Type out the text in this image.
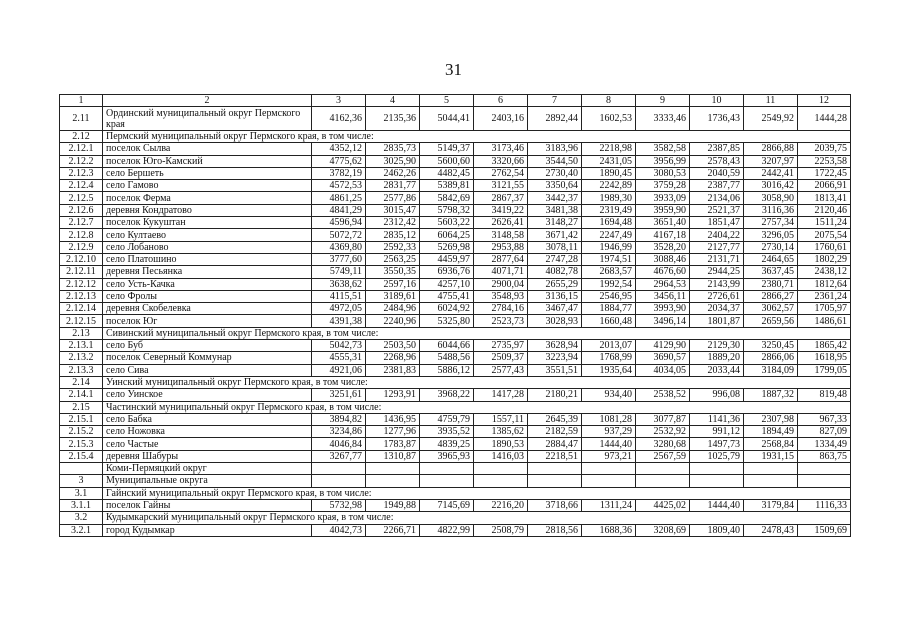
31
1	2	3	4	5	6	7	8	9	10	11	12
2.11	Ординский муниципальный округ Пермского края	4162,36	2135,36	5044,41	2403,16	2892,44	1602,53	3333,46	1736,43	2549,92	1444,28
2.12	Пермский муниципальный округ Пермского края, в том числе:										
2.12.1	поселок Сылва	4352,12	2835,73	5149,37	3173,46	3183,96	2218,98	3582,58	2387,85	2866,88	2039,75
2.12.2	поселок Юго-Камский	4775,62	3025,90	5600,60	3320,66	3544,50	2431,05	3956,99	2578,43	3207,97	2253,58
2.12.3	село Бершеть	3782,19	2462,26	4482,45	2762,54	2730,40	1890,45	3080,53	2040,59	2442,41	1722,45
2.12.4	село Гамово	4572,53	2831,77	5389,81	3121,55	3350,64	2242,89	3759,28	2387,77	3016,42	2066,91
2.12.5	поселок Ферма	4861,25	2577,86	5842,69	2867,37	3442,37	1989,30	3933,09	2134,06	3058,90	1813,41
2.12.6	деревня Кондратово	4841,29	3015,47	5798,32	3419,22	3481,38	2319,49	3959,90	2521,37	3116,36	2120,46
2.12.7	поселок Кукуштан	4596,94	2312,42	5603,22	2626,41	3148,27	1694,48	3651,40	1851,47	2757,34	1511,24
2.12.8	село Култаево	5072,72	2835,12	6064,25	3148,58	3671,42	2247,49	4167,18	2404,22	3296,05	2075,54
2.12.9	село Лобаново	4369,80	2592,33	5269,98	2953,88	3078,11	1946,99	3528,20	2127,77	2730,14	1760,61
2.12.10	село Платошино	3777,60	2563,25	4459,97	2877,64	2747,28	1974,51	3088,46	2131,71	2464,65	1802,29
2.12.11	деревня Песьянка	5749,11	3550,35	6936,76	4071,71	4082,78	2683,57	4676,60	2944,25	3637,45	2438,12
2.12.12	село Усть-Качка	3638,62	2597,16	4257,10	2900,04	2655,29	1992,54	2964,53	2143,99	2380,71	1812,64
2.12.13	село Фролы	4115,51	3189,61	4755,41	3548,93	3136,15	2546,95	3456,11	2726,61	2866,27	2361,24
2.12.14	деревня Скобелевка	4972,05	2484,96	6024,92	2784,16	3467,47	1884,77	3993,90	2034,37	3062,57	1705,97
2.12.15	поселок Юг	4391,38	2240,96	5325,80	2523,73	3028,93	1660,48	3496,14	1801,87	2659,56	1486,61
2.13	Сивинский муниципальный округ Пермского края, в том числе:										
2.13.1	село Буб	5042,73	2503,50	6044,66	2735,97	3628,94	2013,07	4129,90	2129,30	3250,45	1865,42
2.13.2	поселок Северный Коммунар	4555,31	2268,96	5488,56	2509,37	3223,94	1768,99	3690,57	1889,20	2866,06	1618,95
2.13.3	село Сива	4921,06	2381,83	5886,12	2577,43	3551,51	1935,64	4034,05	2033,44	3184,09	1799,05
2.14	Уинский муниципальный округ Пермского края, в том числе:										
2.14.1	село Уинское	3251,61	1293,91	3968,22	1417,28	2180,21	934,40	2538,52	996,08	1887,32	819,48
2.15	Частинский муниципальный округ Пермского края, в том числе:										
2.15.1	село Бабка	3894,82	1436,95	4759,79	1557,11	2645,39	1081,28	3077,87	1141,36	2307,98	967,33
2.15.2	село Ножовка	3234,86	1277,96	3935,52	1385,62	2182,59	937,29	2532,92	991,12	1894,49	827,09
2.15.3	село Частые	4046,84	1783,87	4839,25	1890,53	2884,47	1444,40	3280,68	1497,73	2568,84	1334,49
2.15.4	деревня Шабуры	3267,77	1310,87	3965,93	1416,03	2218,51	973,21	2567,59	1025,79	1931,15	863,75
	Коми-Пермяцкий округ										
3	Муниципальные округа										
3.1	Гайнский муниципальный округ Пермского края, в том числе:										
3.1.1	поселок Гайны	5732,98	1949,88	7145,69	2216,20	3718,66	1311,24	4425,02	1444,40	3179,84	1116,33
3.2	Кудымкарский муниципальный округ Пермского края, в том числе:										
3.2.1	город Кудымкар	4042,73	2266,71	4822,99	2508,79	2818,56	1688,36	3208,69	1809,40	2478,43	1509,69
